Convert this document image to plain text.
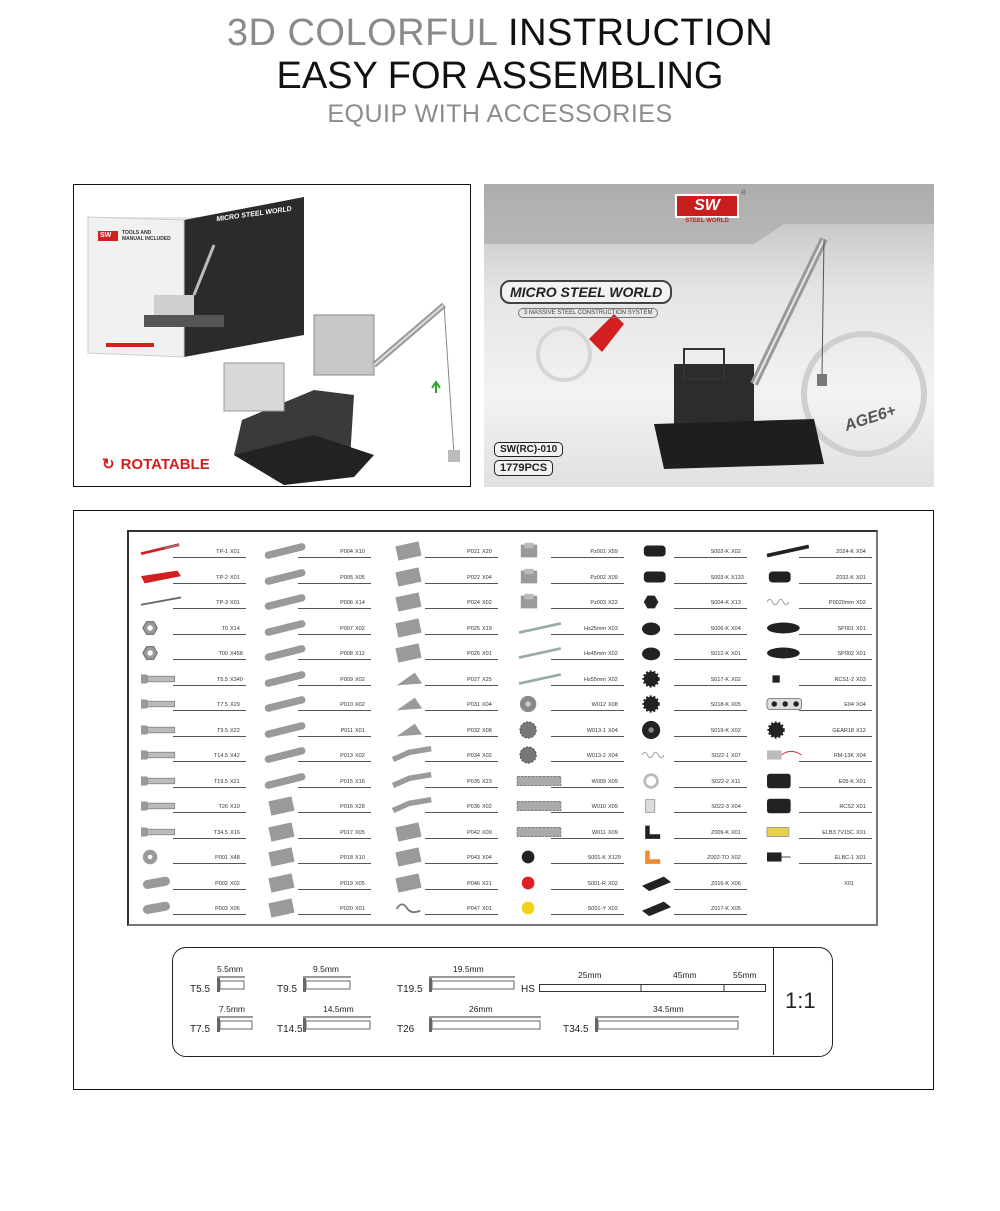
3D COLORFUL INSTRUCTION
EASY FOR ASSEMBLING
EQUIP WITH ACCESSORIES
↻ ROTATABLE
SW TOOLS AND MANUAL INCLUDED
MICRO STEEL WORLD
SW
STEEL WORLD
®
MICRO STEEL WORLD
3 MASSIVE STEEL CONSTRUCTION SYSTEM
SW(RC)-010
1779PCS
AGE6+
TP-1 X01
TP-2 X01
TP-3 X01
T0 X14
T00 X458
T5.5 X340
T7.5 X29
T9.5 X22
T14.5 X42
T19.5 X21
T26 X10
T34.5 X16
P001 X48
P002 X02
P003 X06
P004 X10
P005 X05
P006 X14
P007 X02
P008 X12
P009 X02
P010 X02
P011 X01
P013 X02
P015 X16
P016 X28
P017 X05
P018 X10
P019 X05
P020 X01
P021 X20
P022 X04
P024 X02
P025 X19
P026 X01
P027 X25
P031 X04
P032 X08
P034 X02
P035 X23
P036 X02
P042 X09
P043 X04
P046 X21
P047 X01
Pz001 X59
Pz002 X09
Pz003 X22
Hs25mm X03
Hs45mm X02
Hs55mm X02
W012 X08
W013-1 X04
W013-2 X04
W009 X09
W010 X09
W011 X09
S001-K X129
S001-R X02
S001-Y X02
S002-K X02
S003-K X133
S004-K X13
S006-K X04
S012-K X01
S017-K X02
S018-K X05
S019-K X02
S022-1 X07
S022-2 X11
S022-3 X04
Z009-K X01
Z002-TO X02
Z016-K X06
Z017-K X05
Z024-K X04
Z032-K X01
P0020mm X02
SP001 X01
SP002 X01
RCS1-2 X03
E04 X04
GEAR18 X12
RM-13K X04
E05-K X01
RCS2 X01
ELB3.7V15C X01
ELBC-1 X01
X01
1:1
T5.5
5.5mm
T9.5
9.5mm
T19.5
19.5mm
HS
25mm	45mm	55mm
T7.5
7.5mm
T14.5
14.5mm
T26
26mm
T34.5
34.5mm
